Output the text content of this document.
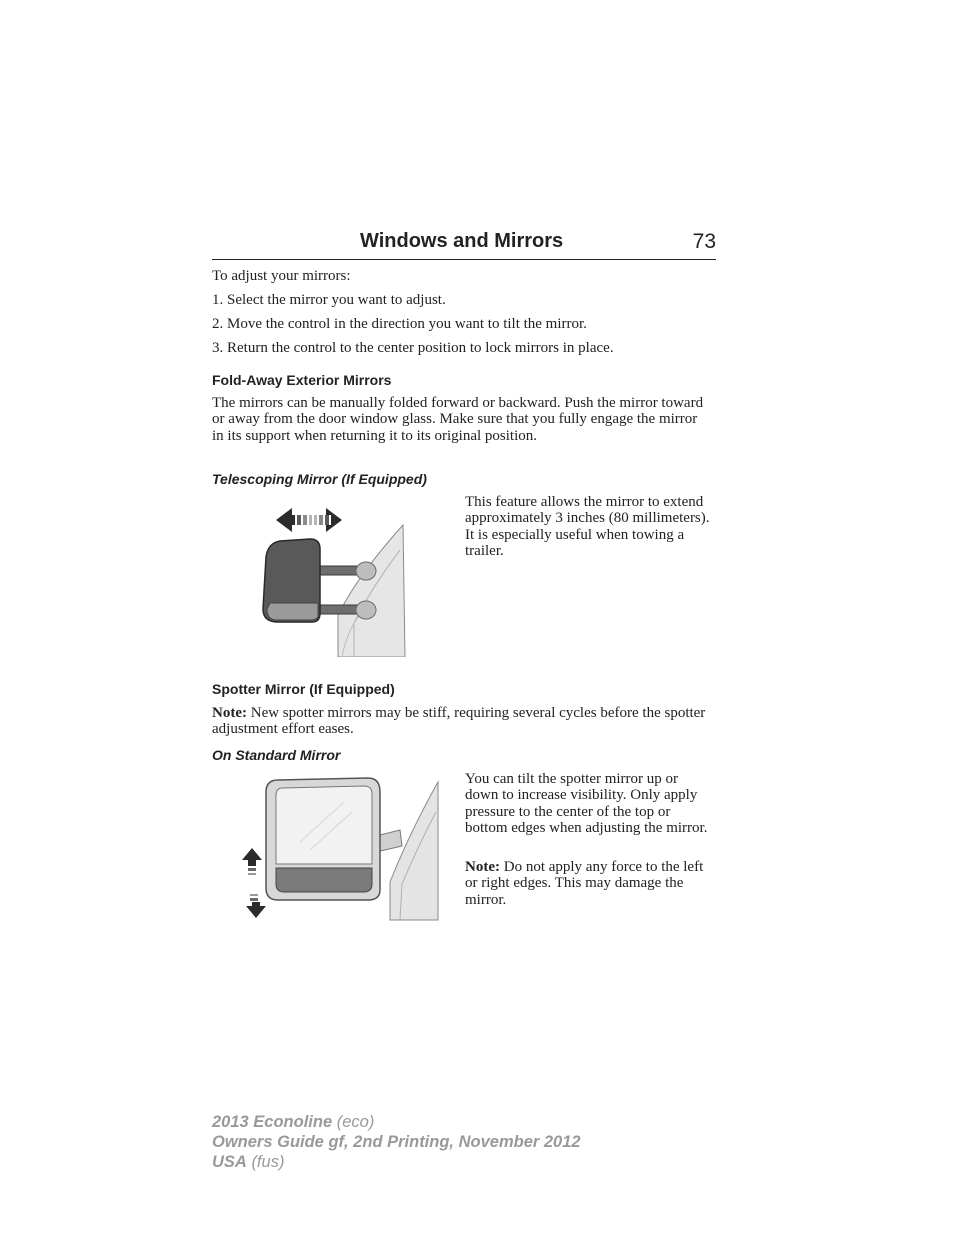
Windows and Mirrors	73
To adjust your mirrors:
1. Select the mirror you want to adjust.
2. Move the control in the direction you want to tilt the mirror.
3. Return the control to the center position to lock mirrors in place.
Fold-Away Exterior Mirrors
The mirrors can be manually folded forward or backward. Push the mirror toward or away from the door window glass. Make sure that you fully engage the mirror in its support when returning it to its original position.
Telescoping Mirror (If Equipped)
This feature allows the mirror to extend approximately 3 inches (80 millimeters). It is especially useful when towing a trailer.
Spotter Mirror (If Equipped)
Note: New spotter mirrors may be stiff, requiring several cycles before the spotter adjustment effort eases.
On Standard Mirror
You can tilt the spotter mirror up or down to increase visibility. Only apply pressure to the center of the top or bottom edges when adjusting the mirror.
Note: Do not apply any force to the left or right edges. This may damage the mirror.
2013 Econoline (eco)
Owners Guide gf, 2nd Printing, November 2012
USA (fus)
